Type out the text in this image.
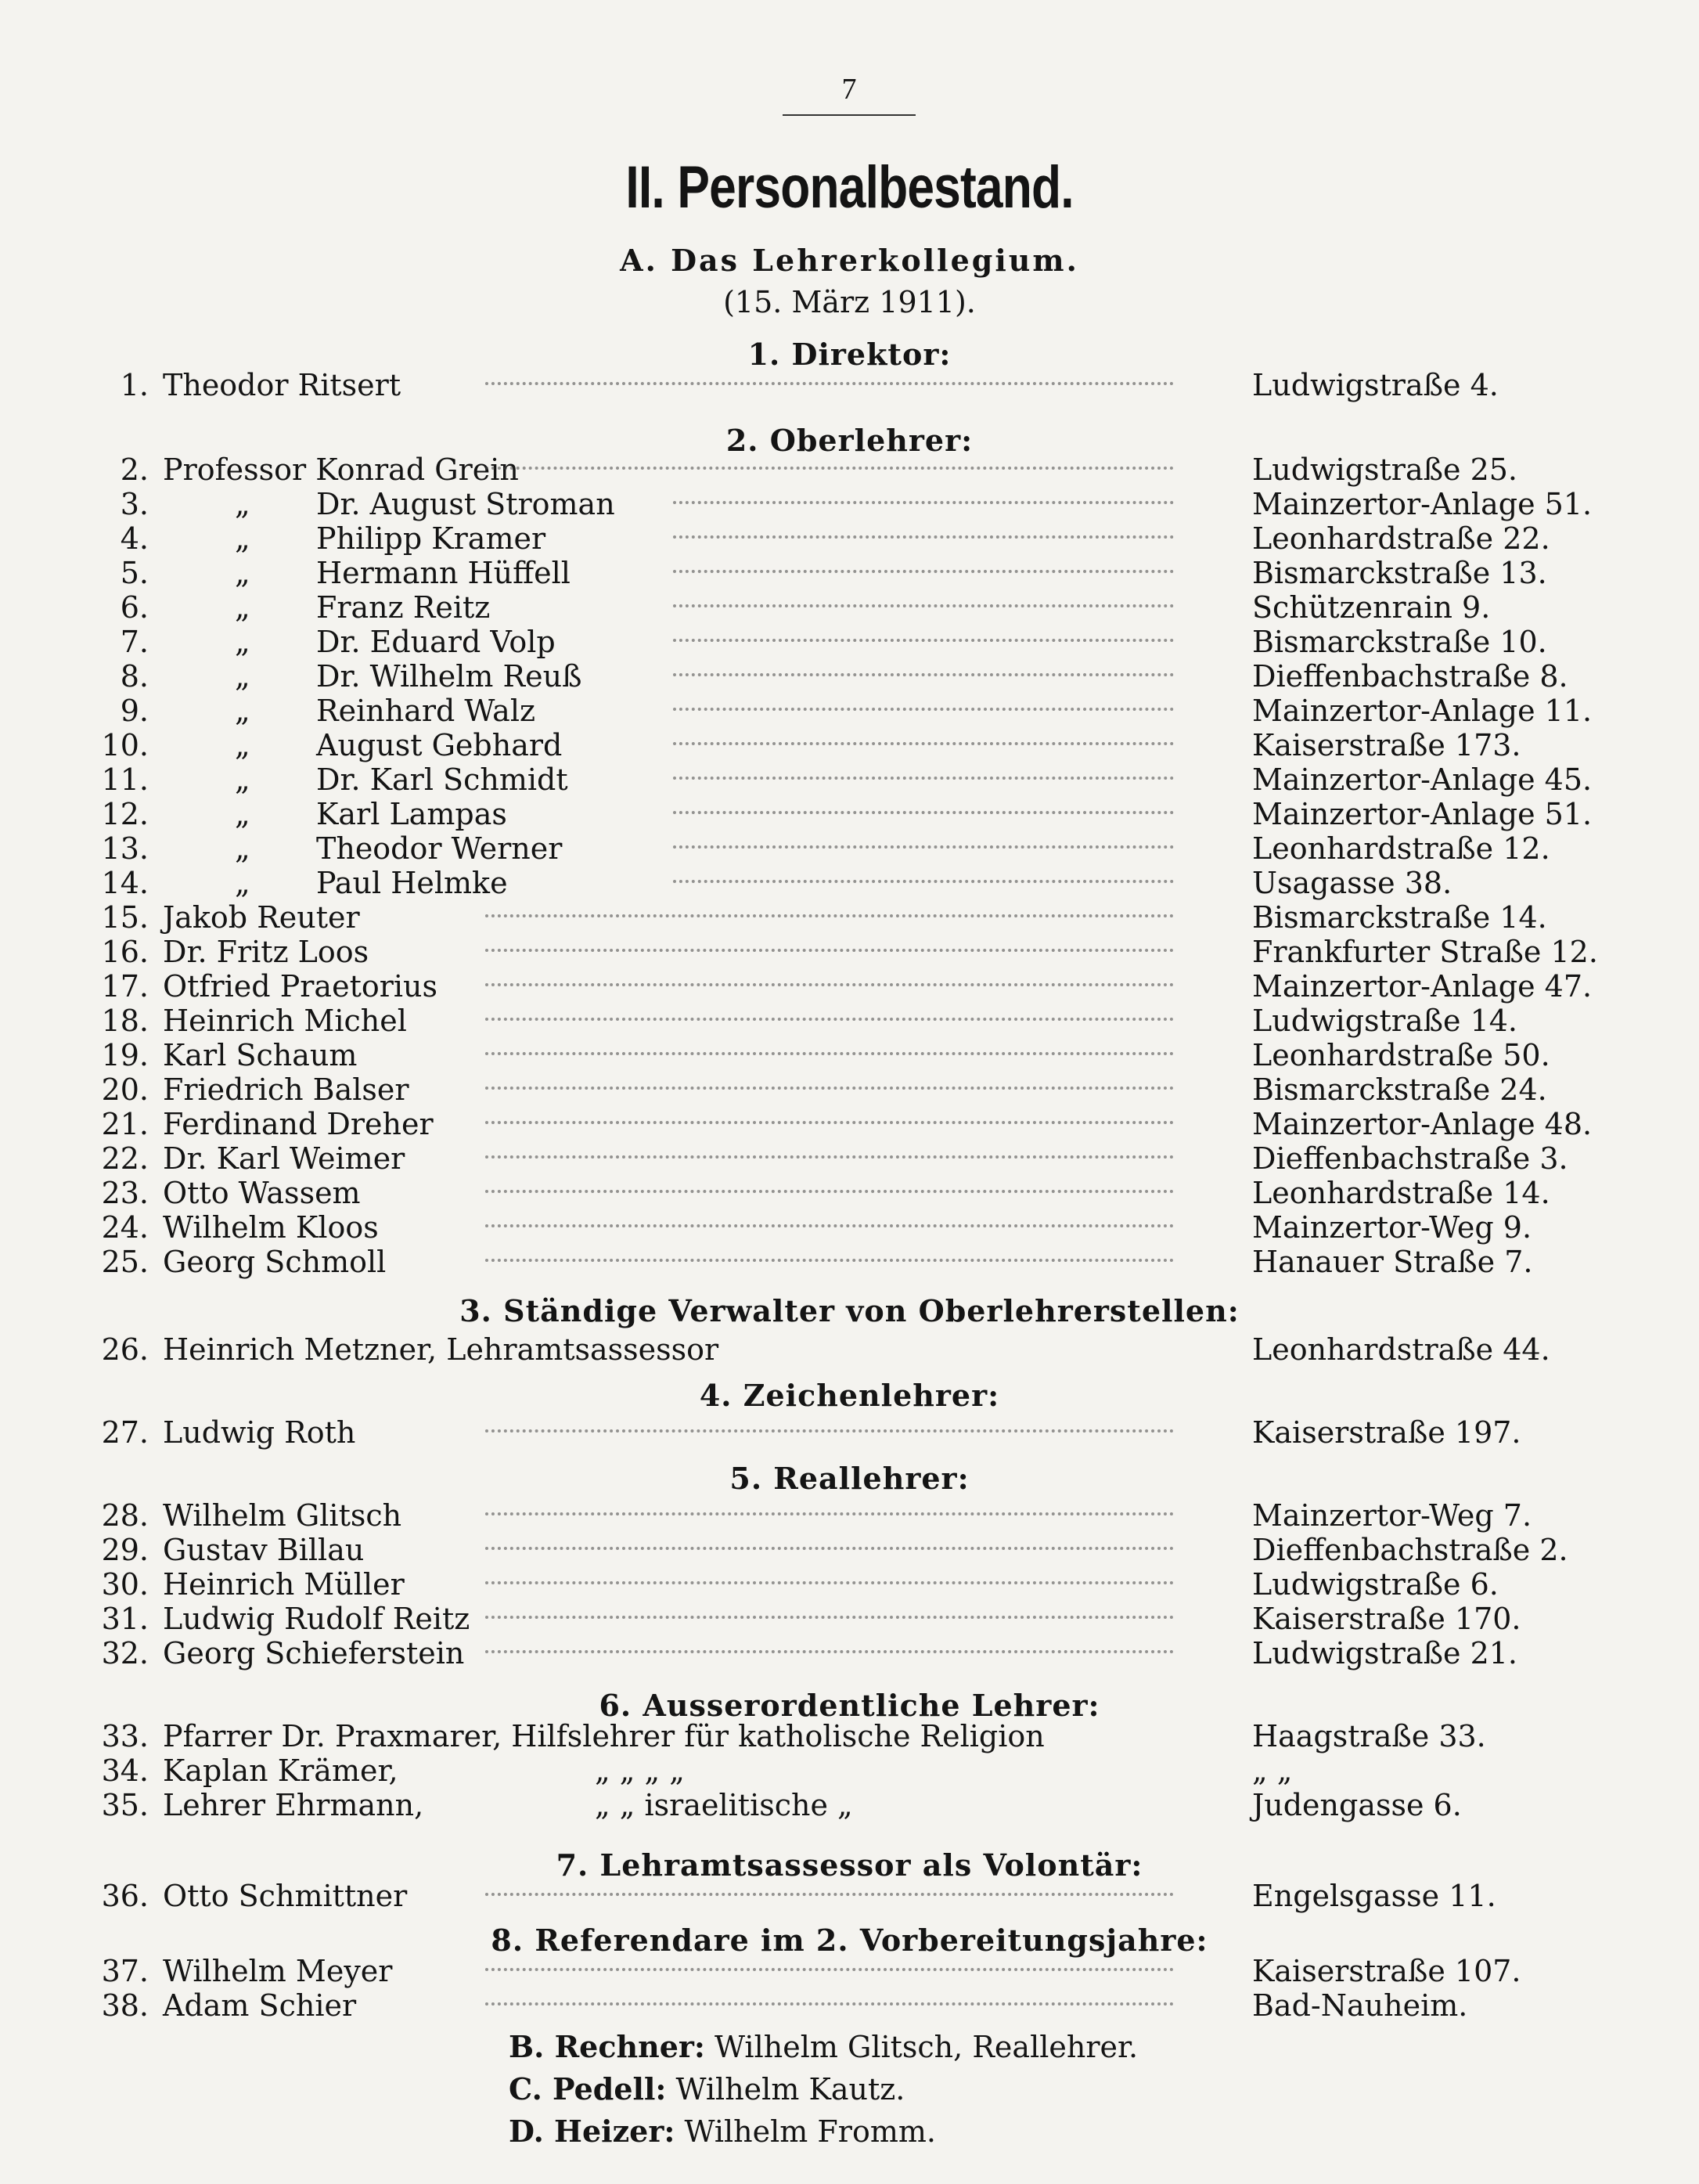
7
II. Personalbestand.
A. Das Lehrerkollegium.
(15. März 1911).
1. Direktor:
1. Theodor Ritsert	Ludwigstraße 4.
2. Oberlehrer:
2. Professor Konrad Grein	Ludwigstraße 25.
3.	„ Dr. August Stroman	Mainzertor-Anlage 51.
4.	„ Philipp Kramer	Leonhardstraße 22.
5.	„ Hermann Hüffell	Bismarckstraße 13.
6.	„ Franz Reitz	Schützenrain 9.
7.	„ Dr. Eduard Volp	Bismarckstraße 10.
8.	„ Dr. Wilhelm Reuß	Dieffenbachstraße 8.
9.	„ Reinhard Walz	Mainzertor-Anlage 11.
10.	„ August Gebhard	Kaiserstraße 173.
11.	„ Dr. Karl Schmidt	Mainzertor-Anlage 45.
12.	„ Karl Lampas	Mainzertor-Anlage 51.
13.	„ Theodor Werner	Leonhardstraße 12.
14.	„ Paul Helmke	Usagasse 38.
15. Jakob Reuter	Bismarckstraße 14.
16. Dr. Fritz Loos	Frankfurter Straße 12.
17. Otfried Praetorius	Mainzertor-Anlage 47.
18. Heinrich Michel	Ludwigstraße 14.
19. Karl Schaum	Leonhardstraße 50.
20. Friedrich Balser	Bismarckstraße 24.
21. Ferdinand Dreher	Mainzertor-Anlage 48.
22. Dr. Karl Weimer	Dieffenbachstraße 3.
23. Otto Wassem	Leonhardstraße 14.
24. Wilhelm Kloos	Mainzertor-Weg 9.
25. Georg Schmoll	Hanauer Straße 7.
3. Ständige Verwalter von Oberlehrerstellen:
26. Heinrich Metzner, Lehramtsassessor	Leonhardstraße 44.
4. Zeichenlehrer:
27. Ludwig Roth	Kaiserstraße 197.
5. Reallehrer:
28. Wilhelm Glitsch	Mainzertor-Weg 7.
29. Gustav Billau	Dieffenbachstraße 2.
30. Heinrich Müller	Ludwigstraße 6.
31. Ludwig Rudolf Reitz	Kaiserstraße 170.
32. Georg Schieferstein	Ludwigstraße 21.
6. Ausserordentliche Lehrer:
33. Pfarrer Dr. Praxmarer, Hilfslehrer für katholische Religion	Haagstraße 33.
34. Kaplan Krämer,	„ „ „ „	„ „
35. Lehrer Ehrmann,	„ „ israelitische „	Judengasse 6.
7. Lehramtsassessor als Volontär:
36. Otto Schmittner	Engelsgasse 11.
8. Referendare im 2. Vorbereitungsjahre:
37. Wilhelm Meyer	Kaiserstraße 107.
38. Adam Schier	Bad-Nauheim.
B. Rechner: Wilhelm Glitsch, Reallehrer.
C. Pedell: Wilhelm Kautz.
D. Heizer: Wilhelm Fromm.
